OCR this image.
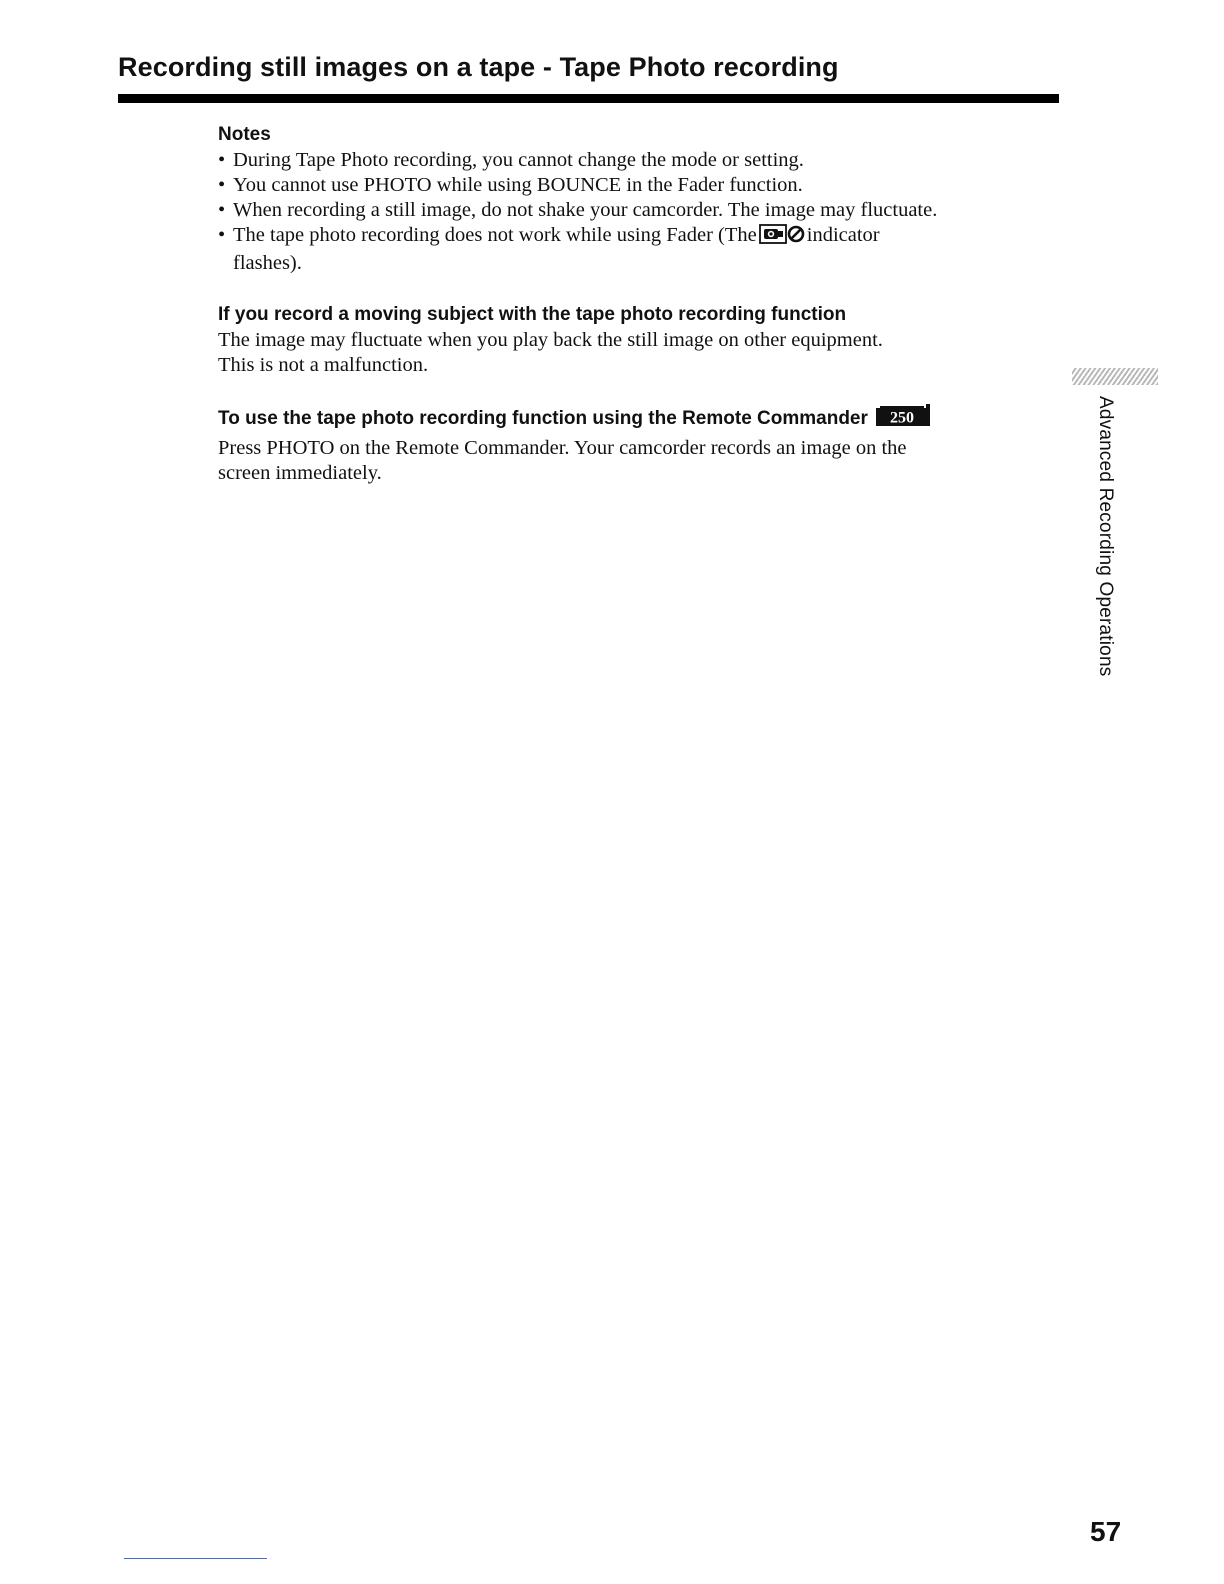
Recording still images on a tape - Tape Photo recording
Notes
• During Tape Photo recording, you cannot change the mode or setting.
• You cannot use PHOTO while using BOUNCE in the Fader function.
• When recording a still image, do not shake your camcorder. The image may fluctuate.
• The tape photo recording does not work while using Fader (The indicator
flashes).
If you record a moving subject with the tape photo recording function

The image may fluctuate when you play back the still image on other equipment.

This is not a malfunction.

To use the tape photo recording function using the Remote Commander 250

Press PHOTO on the Remote Commander. Your camcorder records an image on the

screen immediately.	Advanced Recording Operations
57
